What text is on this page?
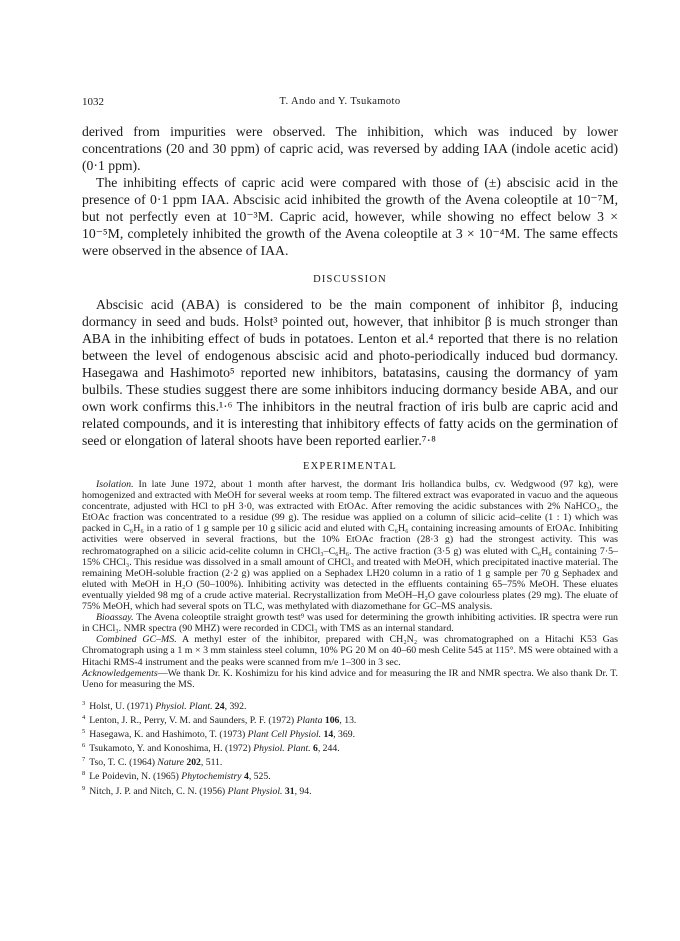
1032	T. Ando and Y. Tsukamoto

derived from impurities were observed. The inhibition, which was induced by lower concentrations (20 and 30 ppm) of capric acid, was reversed by adding IAA (indole acetic acid) (0·1 ppm).

The inhibiting effects of capric acid were compared with those of (±) abscisic acid in the presence of 0·1 ppm IAA. Abscisic acid inhibited the growth of the Avena coleoptile at 10⁻⁷M, but not perfectly even at 10⁻³M. Capric acid, however, while showing no effect below 3 × 10⁻⁵M, completely inhibited the growth of the Avena coleoptile at 3 × 10⁻⁴M. The same effects were observed in the absence of IAA.

DISCUSSION

Abscisic acid (ABA) is considered to be the main component of inhibitor β, inducing dormancy in seed and buds. Holst³ pointed out, however, that inhibitor β is much stronger than ABA in the inhibiting effect of buds in potatoes. Lenton et al.⁴ reported that there is no relation between the level of endogenous abscisic acid and photo-periodically induced bud dormancy. Hasegawa and Hashimoto⁵ reported new inhibitors, batatasins, causing the dormancy of yam bulbils. These studies suggest there are some inhibitors inducing dormancy beside ABA, and our own work confirms this.¹·⁶ The inhibitors in the neutral fraction of iris bulb are capric acid and related compounds, and it is interesting that inhibitory effects of fatty acids on the germination of seed or elongation of lateral shoots have been reported earlier.⁷·⁸

EXPERIMENTAL

Isolation. In late June 1972, about 1 month after harvest, the dormant Iris hollandica bulbs, cv. Wedgwood (97 kg), were homogenized and extracted with MeOH for several weeks at room temp. The filtered extract was evaporated in vacuo and the aqueous concentrate, adjusted with HCl to pH 3·0, was extracted with EtOAc. After removing the acidic substances with 2% NaHCO₃, the EtOAc fraction was concentrated to a residue (99 g). The residue was applied on a column of silicic acid–celite (1 : 1) which was packed in C₆H₆ in a ratio of 1 g sample per 10 g silicic acid and eluted with C₆H₆ containing increasing amounts of EtOAc. Inhibiting activities were observed in several fractions, but the 10% EtOAc fraction (28·3 g) had the strongest activity. This was rechromatographed on a silicic acid-celite column in CHCl₃–C₆H₆. The active fraction (3·5 g) was eluted with C₆H₆ containing 7·5–15% CHCl₃. This residue was dissolved in a small amount of CHCl₃ and treated with MeOH, which precipitated inactive material. The remaining MeOH-soluble fraction (2·2 g) was applied on a Sephadex LH20 column in a ratio of 1 g sample per 70 g Sephadex and eluted with MeOH in H₂O (50–100%). Inhibiting activity was detected in the effluents containing 65–75% MeOH. These eluates eventually yielded 98 mg of a crude active material. Recrystallization from MeOH–H₂O gave colourless plates (29 mg). The eluate of 75% MeOH, which had several spots on TLC, was methylated with diazomethane for GC–MS analysis.

Bioassay. The Avena coleoptile straight growth test⁹ was used for determining the growth inhibiting activities. IR spectra were run in CHCl₃. NMR spectra (90 MHZ) were recorded in CDCl₃ with TMS as an internal standard.

Combined GC–MS. A methyl ester of the inhibitor, prepared with CH₂N₂ was chromatographed on a Hitachi K53 Gas Chromatograph using a 1 m × 3 mm stainless steel column, 10% PG 20 M on 40–60 mesh Celite 545 at 115°. MS were obtained with a Hitachi RMS-4 instrument and the peaks were scanned from m/e 1–300 in 3 sec.

Acknowledgements—We thank Dr. K. Koshimizu for his kind advice and for measuring the IR and NMR spectra. We also thank Dr. T. Ueno for measuring the MS.

$^3$ Holst, U. (1971) Physiol. Plant. 24, 392.
$^4$ Lenton, J. R., Perry, V. M. and Saunders, P. F. (1972) Planta 106, 13.
$^5$ Hasegawa, K. and Hashimoto, T. (1973) Plant Cell Physiol. 14, 369.
$^6$ Tsukamoto, Y. and Konoshima, H. (1972) Physiol. Plant. 6, 244.
$^7$ Tso, T. C. (1964) Nature 202, 511.
$^8$ Le Poidevin, N. (1965) Phytochemistry 4, 525.
$^9$ Nitch, J. P. and Nitch, C. N. (1956) Plant Physiol. 31, 94.
